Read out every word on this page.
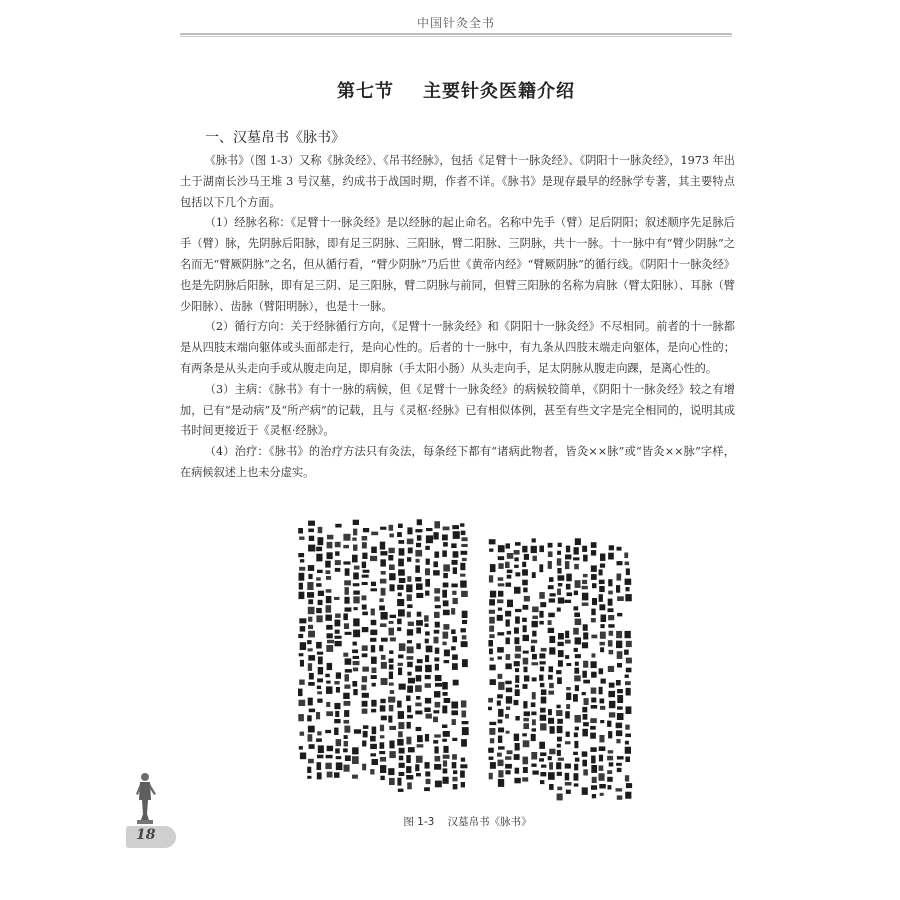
中国针灸全书
第七节    主要针灸医籍介绍
一、汉墓帛书《脉书》

《脉书》（图 1-3）又称《脉灸经》、《吊书经脉》，包括《足臂十一脉灸经》、《阴阳十一脉灸经》，1973 年出土于湖南长沙马王堆 3 号汉墓，约成书于战国时期，作者不详。《脉书》是现存最早的经脉学专著，其主要特点包括以下几个方面。

（1）经脉名称：《足臂十一脉灸经》是以经脉的起止命名。名称中先手（臂）足后阴阳；叙述顺序先足脉后手（臂）脉，先阴脉后阳脉，即有足三阴脉、三阳脉，臂二阳脉、三阴脉，共十一脉。十一脉中有“臂少阴脉”之名而无“臂厥阴脉”之名，但从循行看，“臂少阴脉”乃后世《黄帝内经》“臂厥阴脉”的循行线。《阴阳十一脉灸经》也是先阴脉后阳脉，即有足三阴、足三阳脉，臂二阴脉与前同，但臂三阳脉的名称为肩脉（臂太阳脉）、耳脉（臂少阳脉）、齿脉（臂阳明脉），也是十一脉。

（2）循行方向：关于经脉循行方向，《足臂十一脉灸经》和《阴阳十一脉灸经》不尽相同。前者的十一脉都是从四肢末端向躯体或头面部走行，是向心性的。后者的十一脉中，有九条从四肢末端走向躯体，是向心性的；有两条是从头走向手或从腹走向足，即肩脉（手太阳小肠）从头走向手，足太阴脉从腹走向踝，是离心性的。

（3）主病：《脉书》有十一脉的病候，但《足臂十一脉灸经》的病候较简单，《阴阳十一脉灸经》较之有增加，已有“是动病”及“所产病”的记载，且与《灵枢·经脉》已有相似体例，甚至有些文字是完全相同的，说明其成书时间更接近于《灵枢·经脉》。

（4）治疗：《脉书》的治疗方法只有灸法，每条经下都有“诸病此物者，皆灸××脉”或“皆灸××脉”字样，在病候叙述上也未分虚实。

图 1-3    汉墓帛书《脉书》
18
